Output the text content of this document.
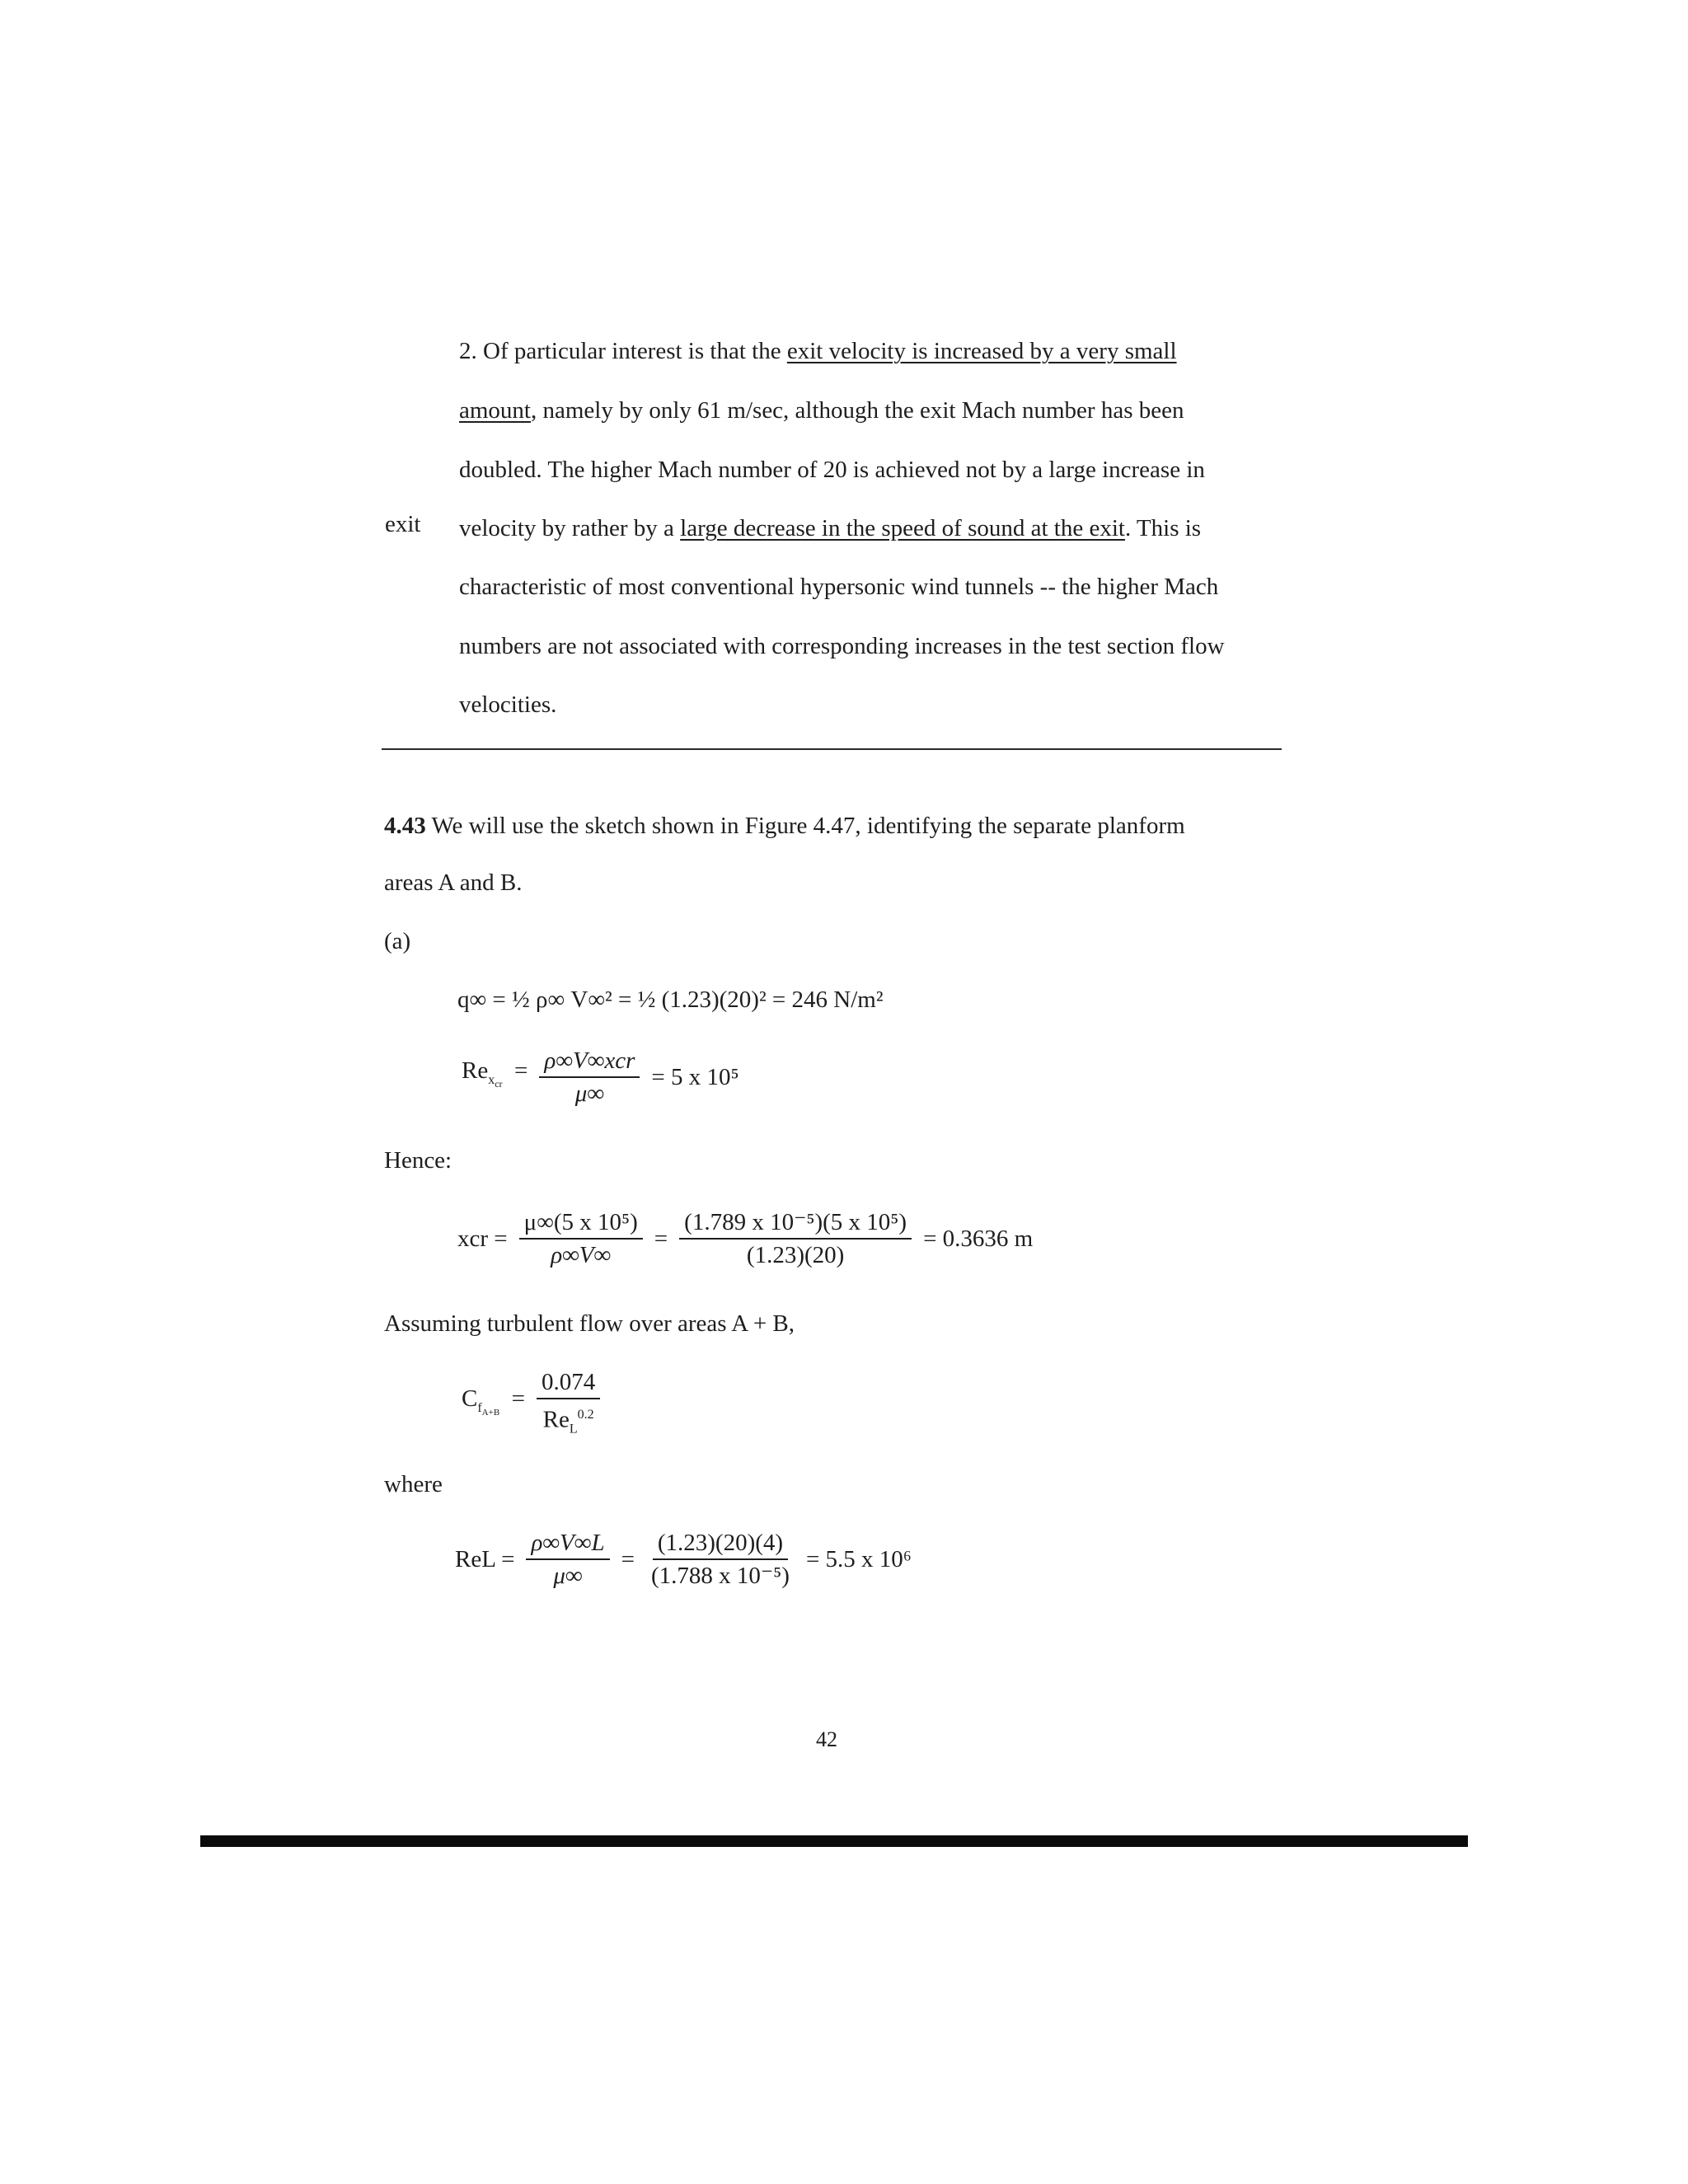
exit
2. Of particular interest is that the exit velocity is increased by a very small
amount, namely by only 61 m/sec, although the exit Mach number has been
doubled. The higher Mach number of 20 is achieved not by a large increase in
velocity by rather by a large decrease in the speed of sound at the exit. This is
characteristic of most conventional hypersonic wind tunnels -- the higher Mach
numbers are not associated with corresponding increases in the test section flow
velocities.
4.43 We will use the sketch shown in Figure 4.47, identifying the separate planform
areas A and B.
(a)
q∞ = ½ ρ∞ V∞² = ½ (1.23)(20)² = 246 N/m²
$Re_{x_{cr}} = \frac{\text{ρ∞V∞xcr}}{\mu\infty} = 5$ x 10⁵
Hence:
xcr = $\frac{\text{μ∞(5 x 10⁵)}}{\rho\infty V\infty} = \frac{\text{(1.789 x 10⁻⁵)(5 x 10⁵)}}{(1.23)(20)} = 0.3636$ m
Assuming turbulent flow over areas A + B,
$C_{f_{A+B}} = \frac{0.074}{Re_L^{0.2}}$
where
ReL = $\frac{\rho\infty V\infty L}{\mu\infty} = \frac{(1.23)(20)(4)}{\text{(1.788 x 10⁻⁵)}} = 5.5$ x 10⁶
42
